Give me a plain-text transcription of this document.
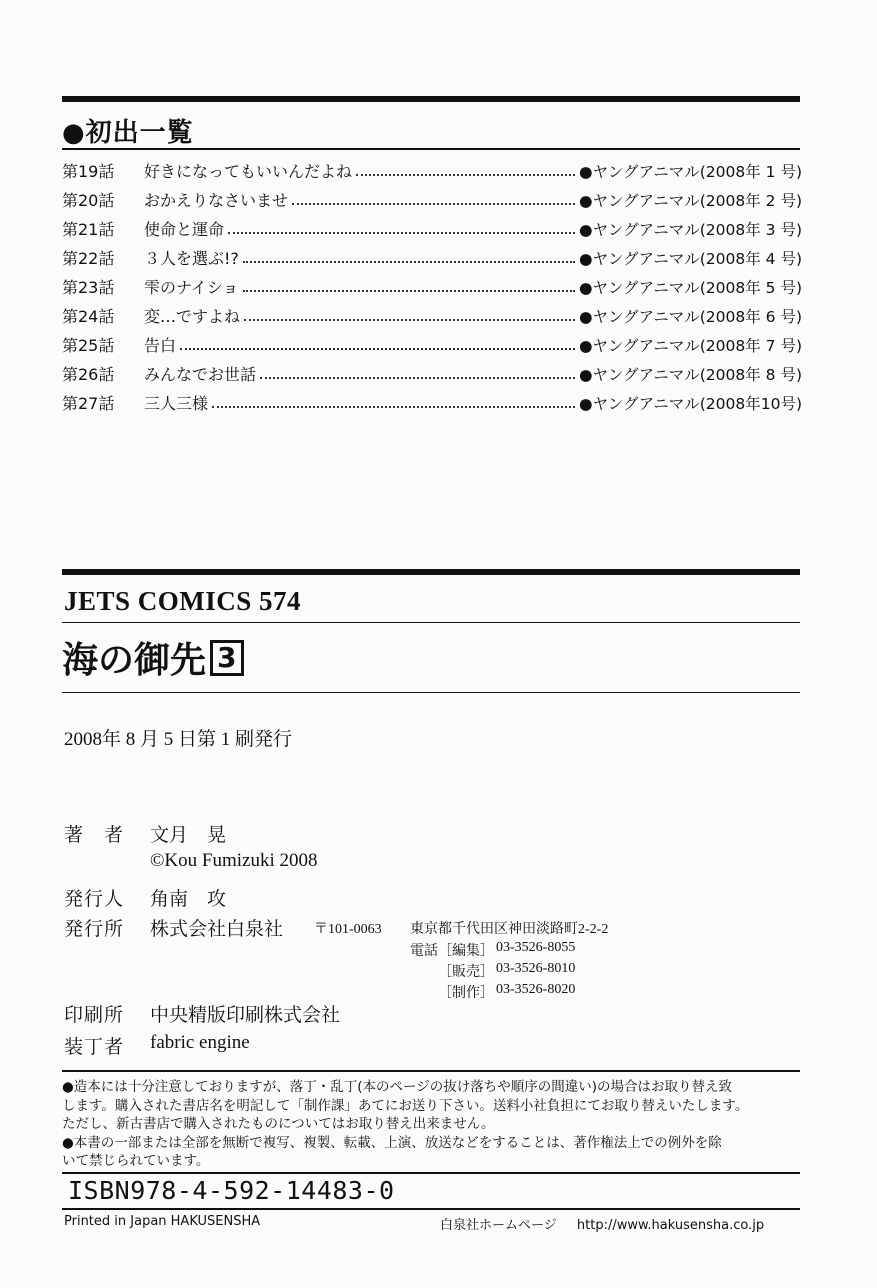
●初出一覧
第19話	好きになってもいいんだよね	●ヤングアニマル(2008年 1 号)
第20話	おかえりなさいませ	●ヤングアニマル(2008年 2 号)
第21話	使命と運命	●ヤングアニマル(2008年 3 号)
第22話	３人を選ぶ!?	●ヤングアニマル(2008年 4 号)
第23話	雫のナイショ	●ヤングアニマル(2008年 5 号)
第24話	変…ですよね	●ヤングアニマル(2008年 6 号)
第25話	告白	●ヤングアニマル(2008年 7 号)
第26話	みんなでお世話	●ヤングアニマル(2008年 8 号)
第27話	三人三様	●ヤングアニマル(2008年10号)
JETS COMICS 574
海の御先 3
2008年 8 月 5 日第 1 刷発行
著　者 文月　晃
©Kou Fumizuki 2008
発行人 角南　攻
発行所 株式会社白泉社 〒101-0063 東京都千代田区神田淡路町2-2-2
電話 ［編集］ 03-3526-8055
［販売］ 03-3526-8010
［制作］ 03-3526-8020
印刷所 中央精版印刷株式会社
装丁者 fabric engine
●造本には十分注意しておりますが、落丁・乱丁(本のページの抜け落ちや順序の間違い)の場合はお取り替え致
します。購入された書店名を明記して「制作課」あてにお送り下さい。送料小社負担にてお取り替えいたします。
ただし、新古書店で購入されたものについてはお取り替え出来ません。
●本書の一部または全部を無断で複写、複製、転載、上演、放送などをすることは、著作権法上での例外を除
いて禁じられています。
ISBN978-4-592-14483-0
Printed in Japan HAKUSENSHA	白泉社ホームページ http://www.hakusensha.co.jp
